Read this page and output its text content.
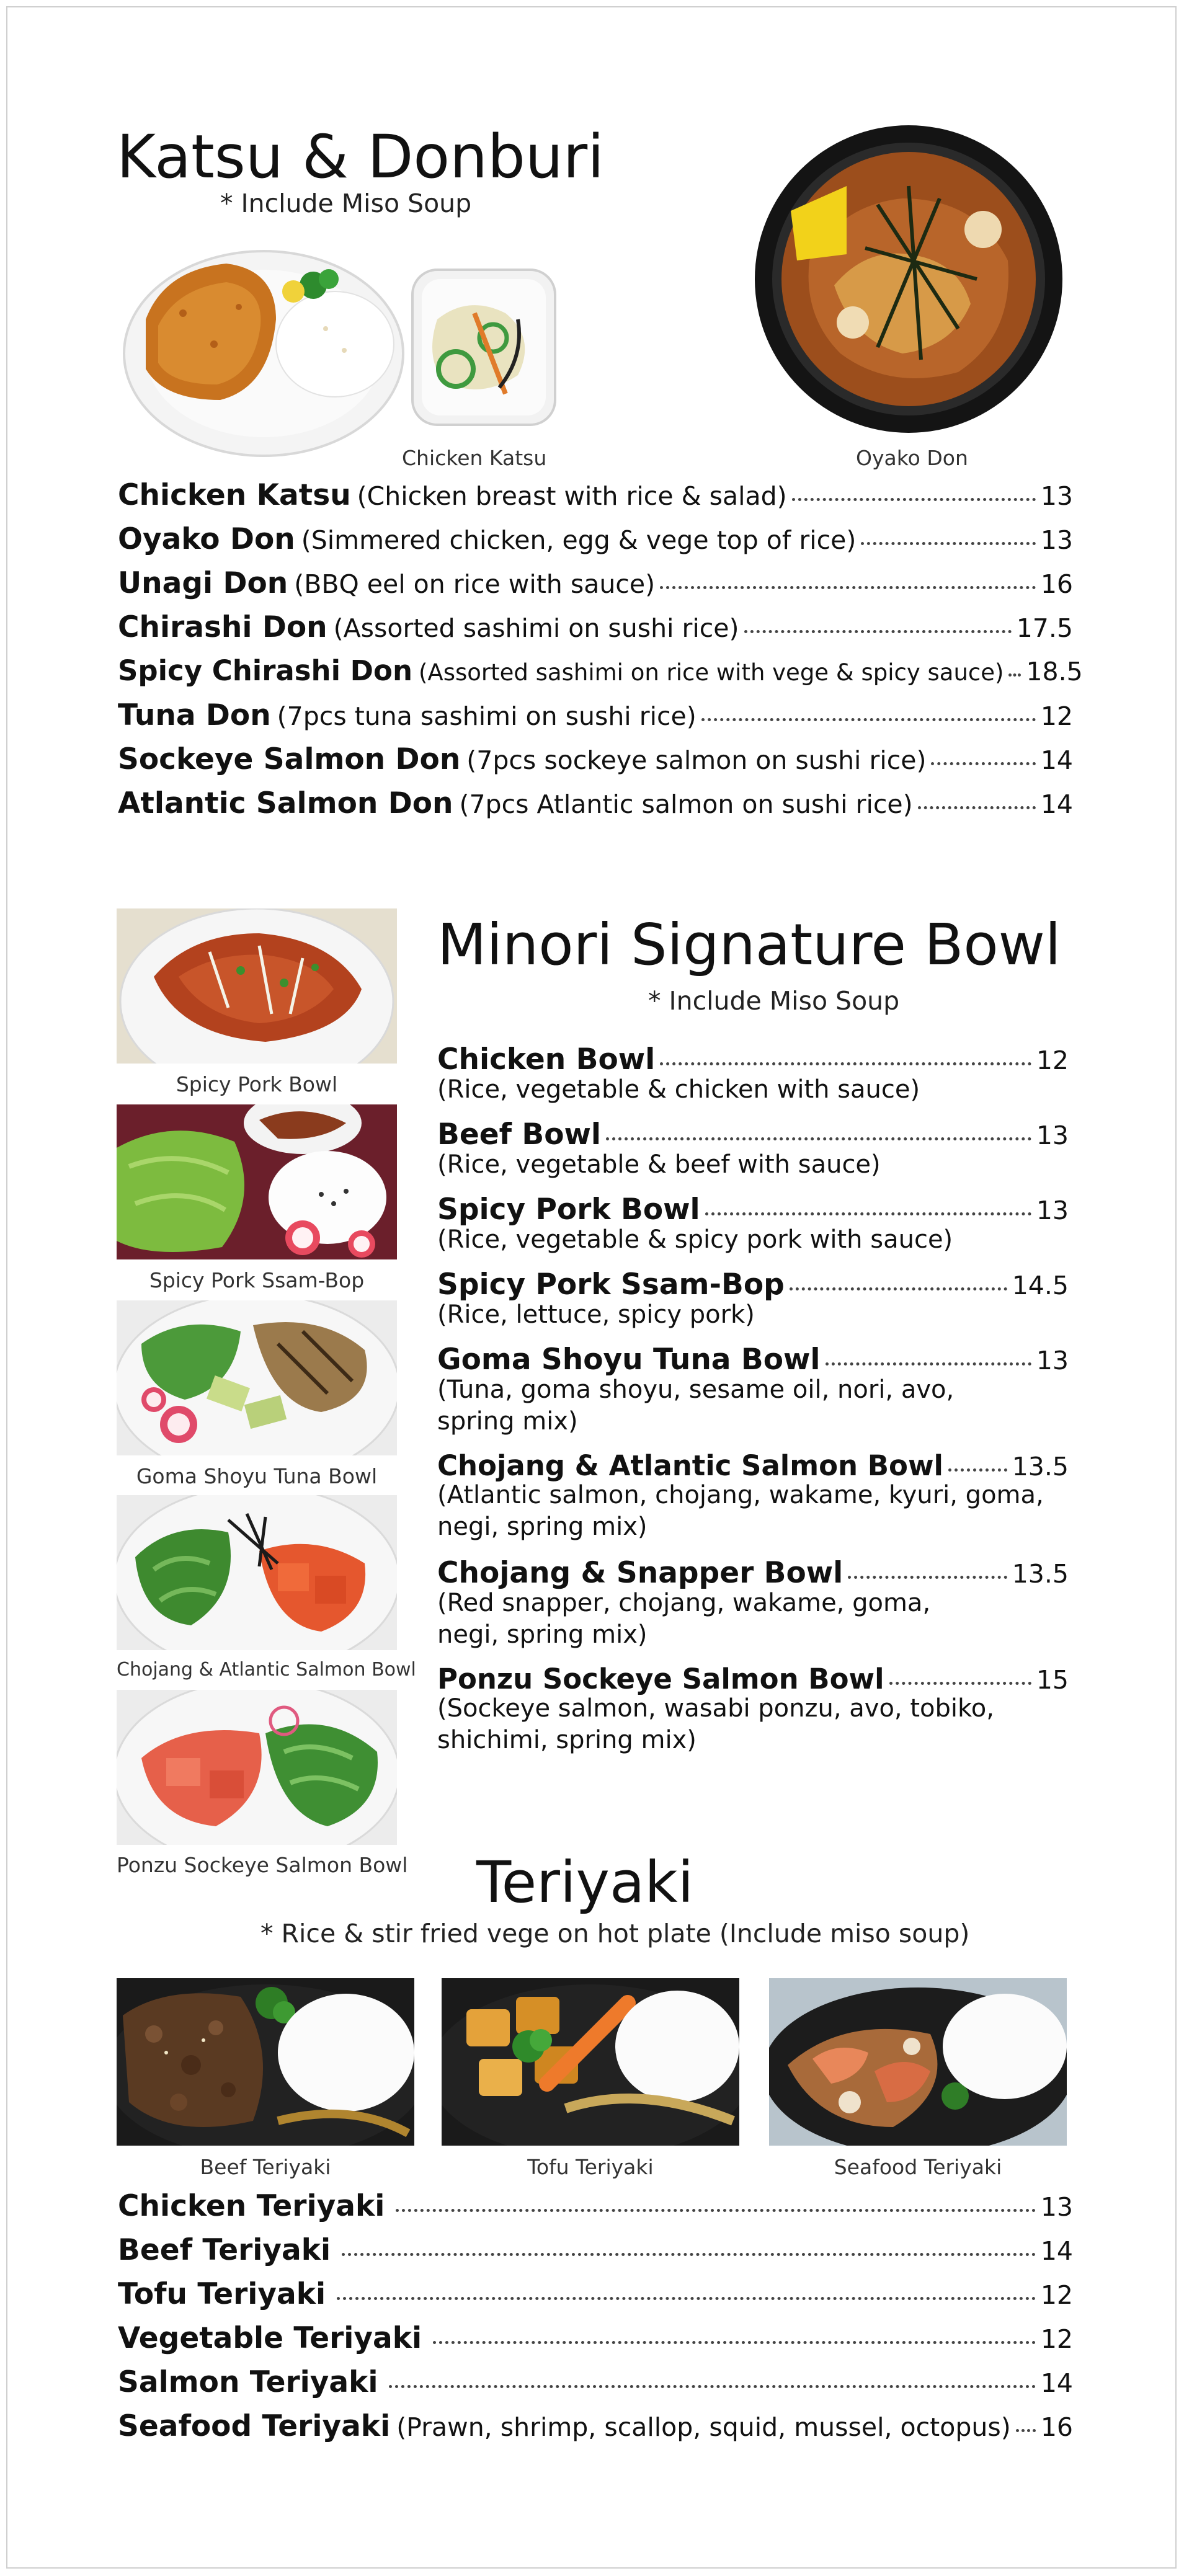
Katsu & Donburi
* Include Miso Soup
Chicken Katsu	Oyako Don
Chicken Katsu (Chicken breast with rice & salad)	13
Oyako Don (Simmered chicken, egg & vege top of rice)	13
Unagi Don (BBQ eel on rice with sauce)	16
Chirashi Don (Assorted sashimi on sushi rice)	17.5
Spicy Chirashi Don (Assorted sashimi on rice with vege & spicy sauce) 18.5
Tuna Don (7pcs tuna sashimi on sushi rice)	12
Sockeye Salmon Don (7pcs sockeye salmon on sushi rice)	14
Atlantic Salmon Don (7pcs Atlantic salmon on sushi rice)	14
Spicy Pork Bowl
Spicy Pork Ssam-Bop
Goma Shoyu Tuna Bowl
Chojang & Atlantic Salmon Bowl
Ponzu Sockeye Salmon Bowl
Minori Signature Bowl
* Include Miso Soup
Chicken Bowl	12
(Rice, vegetable & chicken with sauce)
Beef Bowl	13
(Rice, vegetable & beef with sauce)
Spicy Pork Bowl	13
(Rice, vegetable & spicy pork with sauce)
Spicy Pork Ssam-Bop	14.5
(Rice, lettuce, spicy pork)
Goma Shoyu Tuna Bowl	13
(Tuna, goma shoyu, sesame oil, nori, avo, spring mix)
Chojang & Atlantic Salmon Bowl	13.5
(Atlantic salmon, chojang, wakame, kyuri, goma, negi, spring mix)
Chojang & Snapper Bowl	13.5
(Red snapper, chojang, wakame, goma, negi, spring mix)
Ponzu Sockeye Salmon Bowl	15
(Sockeye salmon, wasabi ponzu, avo, tobiko, shichimi, spring mix)
Teriyaki
* Rice & stir fried vege on hot plate (Include miso soup)
Beef Teriyaki	Tofu Teriyaki	Seafood Teriyaki
Chicken Teriyaki	13
Beef Teriyaki	14
Tofu Teriyaki	12
Vegetable Teriyaki	12
Salmon Teriyaki	14
Seafood Teriyaki (Prawn, shrimp, scallop, squid, mussel, octopus) 16
